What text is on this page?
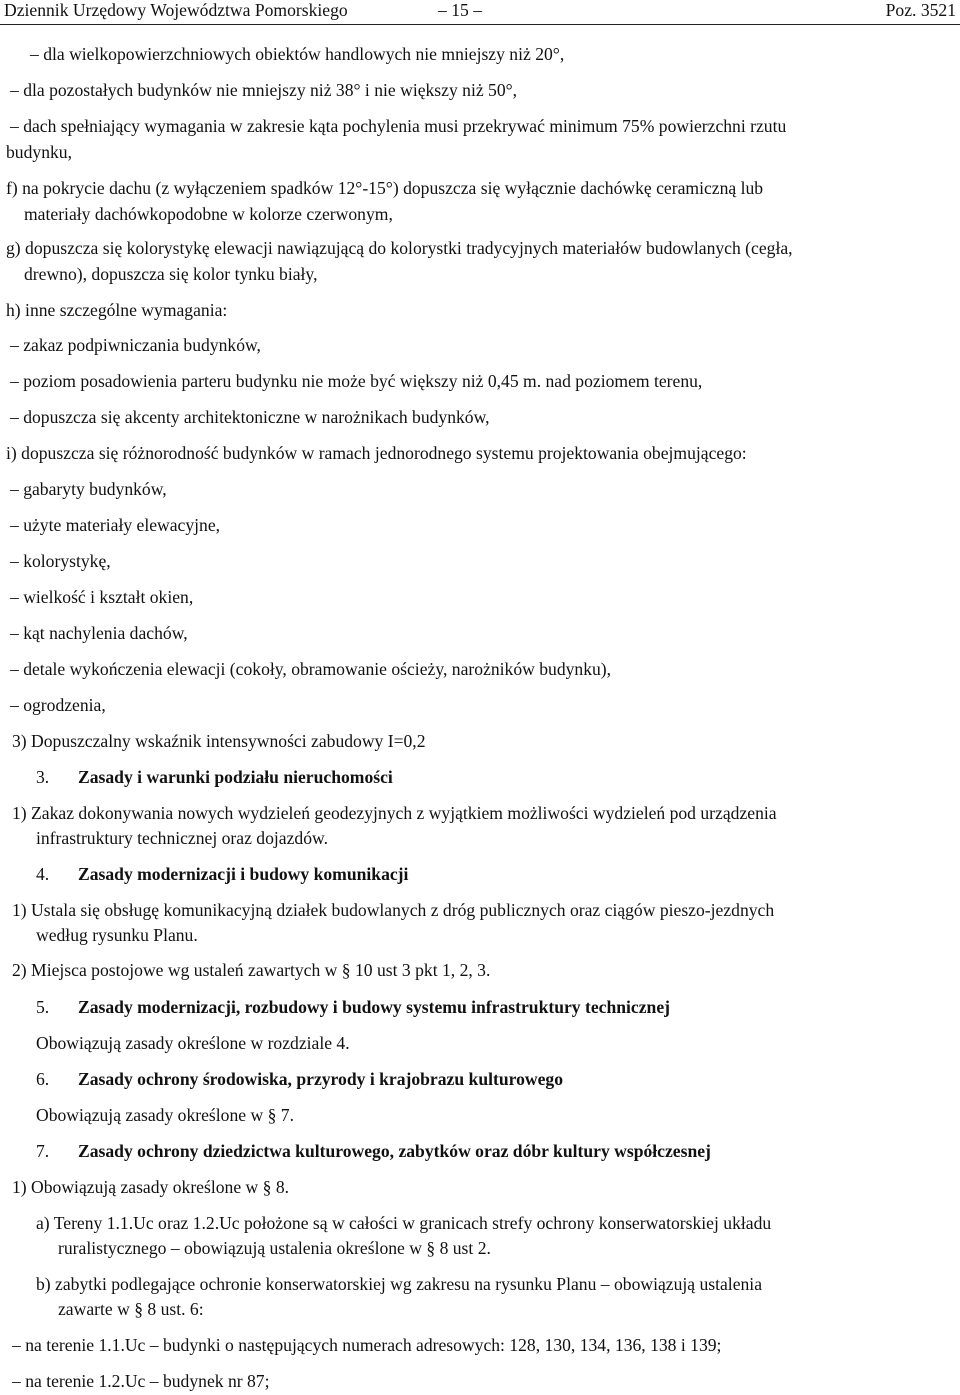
Dziennik Urzędowy Województwa Pomorskiego	– 15 –	Poz. 3521
– dla wielkopowierzchniowych obiektów handlowych nie mniejszy niż 20°,
– dla pozostałych budynków nie mniejszy niż 38° i nie większy niż 50°,
– dach spełniający wymagania w zakresie kąta pochylenia musi przekrywać minimum 75% powierzchni rzutu
budynku,
f) na pokrycie dachu (z wyłączeniem spadków 12°-15°) dopuszcza się wyłącznie dachówkę ceramiczną lub
materiały dachówkopodobne w kolorze czerwonym,
g) dopuszcza się kolorystykę elewacji nawiązującą do kolorystki tradycyjnych materiałów budowlanych (cegła,
drewno), dopuszcza się kolor tynku biały,
h) inne szczególne wymagania:
– zakaz podpiwniczania budynków,
– poziom posadowienia parteru budynku nie może być większy niż 0,45 m. nad poziomem terenu,
– dopuszcza się akcenty architektoniczne w narożnikach budynków,
i) dopuszcza się różnorodność budynków w ramach jednorodnego systemu projektowania obejmującego:
– gabaryty budynków,
– użyte materiały elewacyjne,
– kolorystykę,
– wielkość i kształt okien,
– kąt nachylenia dachów,
– detale wykończenia elewacji (cokoły, obramowanie ościeży, narożników budynku),
– ogrodzenia,
3) Dopuszczalny wskaźnik intensywności zabudowy I=0,2
3. Zasady i warunki podziału nieruchomości
1) Zakaz dokonywania nowych wydzieleń geodezyjnych z wyjątkiem możliwości wydzieleń pod urządzenia
infrastruktury technicznej oraz dojazdów.
4. Zasady modernizacji i budowy komunikacji
1) Ustala się obsługę komunikacyjną działek budowlanych z dróg publicznych oraz ciągów pieszo-jezdnych
według rysunku Planu.
2) Miejsca postojowe wg ustaleń zawartych w § 10 ust 3 pkt 1, 2, 3.
5. Zasady modernizacji, rozbudowy i budowy systemu infrastruktury technicznej
Obowiązują zasady określone w rozdziale 4.
6. Zasady ochrony środowiska, przyrody i krajobrazu kulturowego
Obowiązują zasady określone w § 7.
7. Zasady ochrony dziedzictwa kulturowego, zabytków oraz dóbr kultury współczesnej
1) Obowiązują zasady określone w § 8.
a) Tereny 1.1.Uc oraz 1.2.Uc położone są w całości w granicach strefy ochrony konserwatorskiej układu
ruralistycznego – obowiązują ustalenia określone w § 8 ust 2.
b) zabytki podlegające ochronie konserwatorskiej wg zakresu na rysunku Planu – obowiązują ustalenia
zawarte w § 8 ust. 6:
– na terenie 1.1.Uc – budynki o następujących numerach adresowych: 128, 130, 134, 136, 138 i 139;
– na terenie 1.2.Uc – budynek nr 87;
